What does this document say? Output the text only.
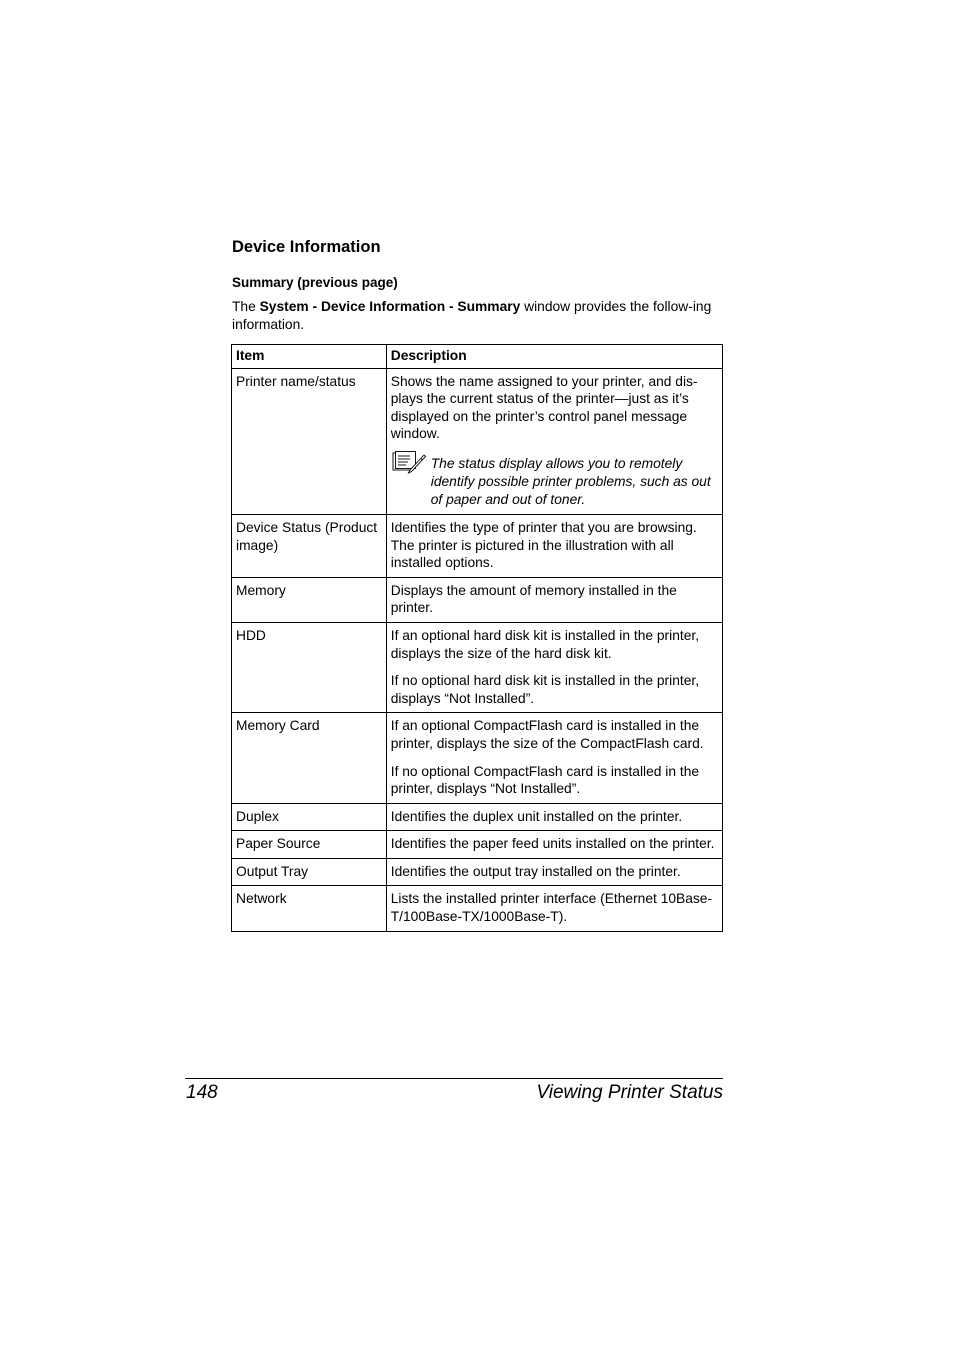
Device Information
Summary (previous page)

The System - Device Information - Summary window provides the follow-ing information.

Item	Description
Printer name/status	Shows the name assigned to your printer, and dis-plays the current status of the printer—just as it’s displayed on the printer’s control panel message window.
The status display allows you to remotely identify possible printer problems, such as out of paper and out of toner.

Device Status (Product image)	Identifies the type of printer that you are browsing. The printer is pictured in the illustration with all installed options.

Memory	Displays the amount of memory installed in the printer.

HDD	If an optional hard disk kit is installed in the printer, displays the size of the hard disk kit.
If no optional hard disk kit is installed in the printer, displays “Not Installed”.

Memory Card	If an optional CompactFlash card is installed in the printer, displays the size of the CompactFlash card.
If no optional CompactFlash card is installed in the printer, displays “Not Installed”.

Duplex	Identifies the duplex unit installed on the printer.

Paper Source	Identifies the paper feed units installed on the printer.

Output Tray	Identifies the output tray installed on the printer.

Network	Lists the installed printer interface (Ethernet 10Base-T/100Base-TX/1000Base-T).
148	Viewing Printer Status
